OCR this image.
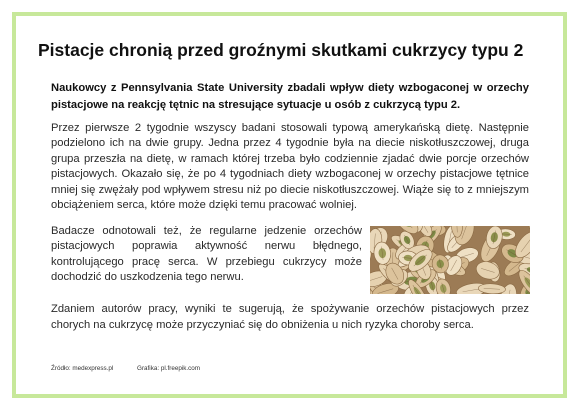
Pistacje chronią przed groźnymi skutkami cukrzycy typu 2
Naukowcy z Pennsylvania State University zbadali wpływ diety wzbogaconej w orzechy pistacjowe na reakcję tętnic na stresujące sytuacje u osób z cukrzycą typu 2.
Przez pierwsze 2 tygodnie wszyscy badani stosowali typową amerykańską dietę. Następnie podzielono ich na dwie grupy. Jedna przez 4 tygodnie była na diecie niskotłuszczowej, druga grupa przeszła na dietę, w ramach której trzeba było codziennie zjadać dwie porcje orzechów pistacjowych. Okazało się, że po 4 tygodniach diety wzbogaconej w orzechy pistacjowe tętnice mniej się zwężały pod wpływem stresu niż po diecie niskotłuszczowej. Wiąże się to z mniejszym obciążeniem serca, które może dzięki temu pracować wolniej.
Badacze odnotowali też, że regularne jedzenie orzechów pistacjowych poprawia aktywność nerwu błędnego, kontrolującego pracę serca. W przebiegu cukrzycy może dochodzić do uszkodzenia tego nerwu.
Zdaniem autorów pracy, wyniki te sugerują, że spożywanie orzechów pistacjowych przez chorych na cukrzycę może przyczyniać się do obniżenia u nich ryzyka choroby serca.
Źródło: medexpress.pl	Grafika: pl.freepik.com
